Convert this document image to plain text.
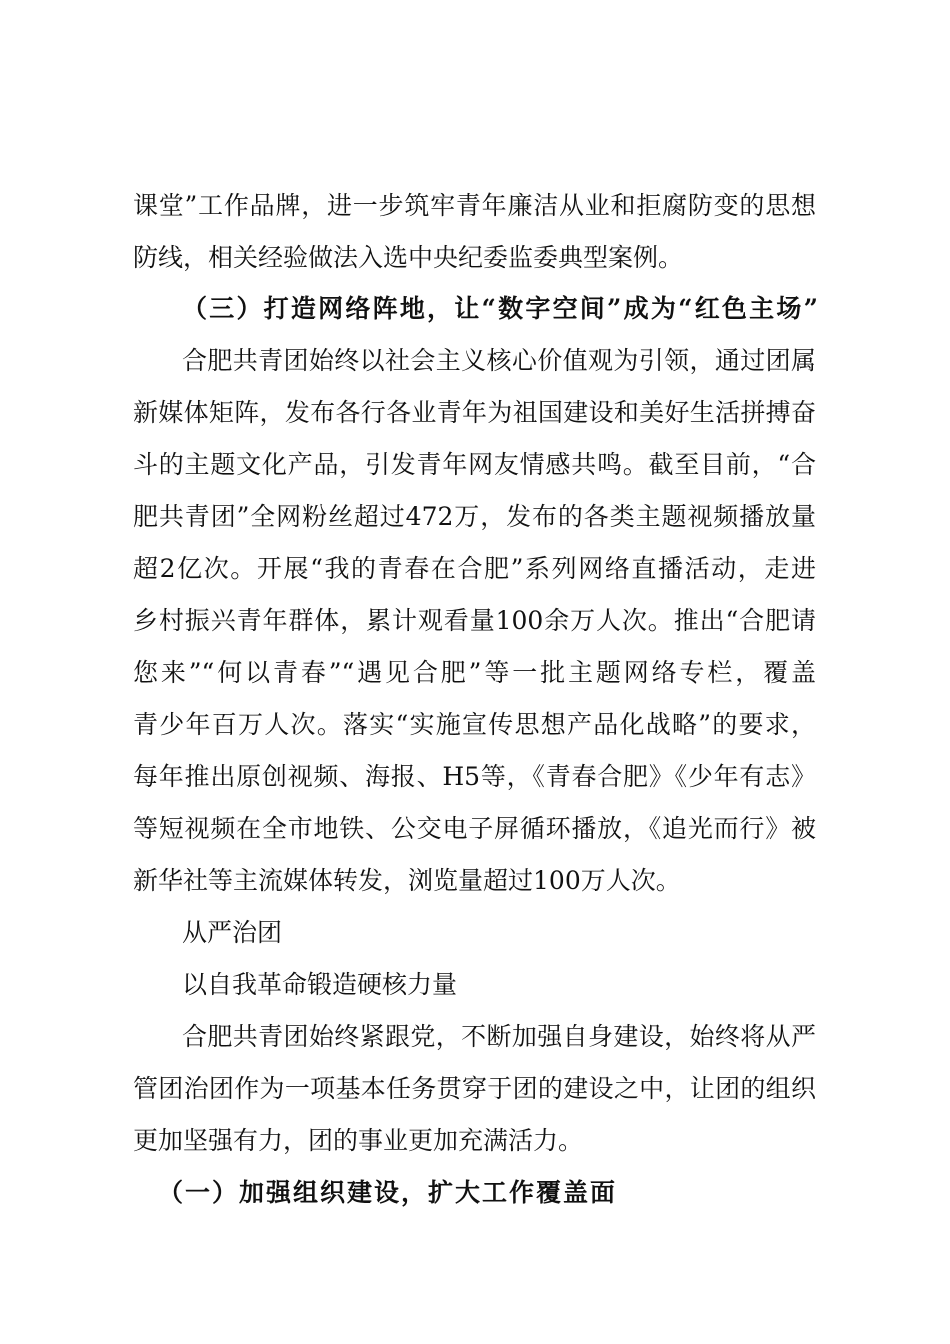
课堂”工作品牌，进一步筑牢青年廉洁从业和拒腐防变的思想
防线，相关经验做法入选中央纪委监委典型案例。
（三）打造网络阵地，让“数字空间”成为“红色主场”
合肥共青团始终以社会主义核心价值观为引领，通过团属
新媒体矩阵，发布各行各业青年为祖国建设和美好生活拼搏奋
斗的主题文化产品，引发青年网友情感共鸣。截至目前，“合
肥共青团”全网粉丝超过472万，发布的各类主题视频播放量
超2亿次。开展“我的青春在合肥”系列网络直播活动，走进
乡村振兴青年群体，累计观看量100余万人次。推出“合肥请
您来”“何以青春”“遇见合肥”等一批主题网络专栏，覆盖
青少年百万人次。落实“实施宣传思想产品化战略”的要求，
每年推出原创视频、海报、H5等，《青春合肥》《少年有志》
等短视频在全市地铁、公交电子屏循环播放，《追光而行》被
新华社等主流媒体转发，浏览量超过100万人次。
从严治团
以自我革命锻造硬核力量
合肥共青团始终紧跟党，不断加强自身建设，始终将从严
管团治团作为一项基本任务贯穿于团的建设之中，让团的组织
更加坚强有力，团的事业更加充满活力。
（一）加强组织建设，扩大工作覆盖面
